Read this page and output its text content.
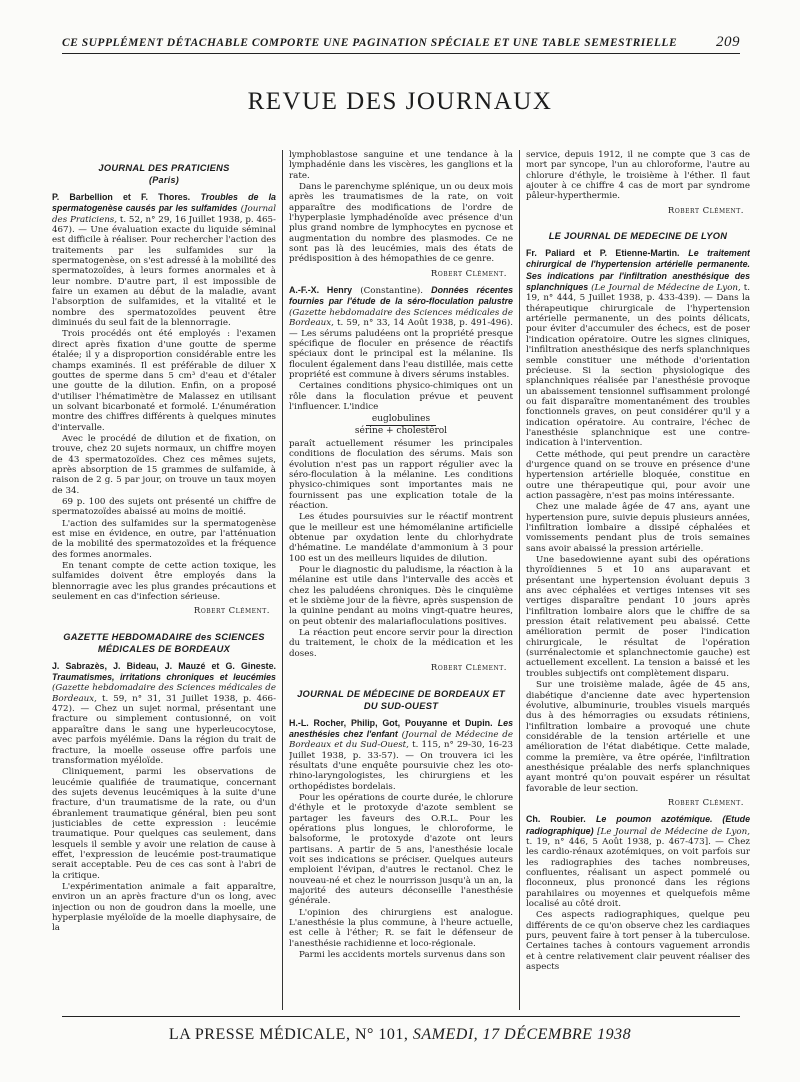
CE SUPPLÉMENT DÉTACHABLE COMPORTE UNE PAGINATION SPÉCIALE ET UNE TABLE SEMESTRIELLE	209
REVUE DES JOURNAUX
JOURNAL DES PRATICIENS
(Paris)

P. Barbellion et F. Thores. Troubles de la spermatogenèse causés par les sulfamides (Journal des Praticiens, t. 52, n° 29, 16 Juillet 1938, p. 465-467). — Une évaluation exacte du liquide séminal est difficile à réaliser. Pour rechercher l'action des traitements par les sulfamides sur la spermatogenèse, on s'est adressé à la mobilité des spermatozoïdes, à leurs formes anormales et à leur nombre. D'autre part, il est impossible de faire un examen au début de la maladie, avant l'absorption de sulfamides, et la vitalité et le nombre des spermatozoïdes peuvent être diminués du seul fait de la blennorragie.

Trois procédés ont été employés : l'examen direct après fixation d'une goutte de sperme étalée; il y a disproportion considérable entre les champs examinés. Il est préférable de diluer X gouttes de sperme dans 5 cm³ d'eau et d'étaler une goutte de la dilution. Enfin, on a proposé d'utiliser l'hématimètre de Malassez en utilisant un solvant bicarbonaté et formolé. L'énumération montre des chiffres différents à quelques minutes d'intervalle.

Avec le procédé de dilution et de fixation, on trouve, chez 20 sujets normaux, un chiffre moyen de 43 spermatozoïdes. Chez ces mêmes sujets, après absorption de 15 grammes de sulfamide, à raison de 2 g. 5 par jour, on trouve un taux moyen de 34.

69 p. 100 des sujets ont présenté un chiffre de spermatozoïdes abaissé au moins de moitié.

L'action des sulfamides sur la spermatogenèse est mise en évidence, en outre, par l'atténuation de la mobilité des spermatozoïdes et la fréquence des formes anormales.

En tenant compte de cette action toxique, les sulfamides doivent être employés dans la blennorragie avec les plus grandes précautions et seulement en cas d'infection sérieuse.

Robert Clément.
GAZETTE HEBDOMADAIRE des SCIENCES MÉDICALES DE BORDEAUX

J. Sabrazès, J. Bideau, J. Mauzé et G. Gineste. Traumatismes, irritations chroniques et leucémies (Gazette hebdomadaire des Sciences médicales de Bordeaux, t. 59, n° 31, 31 Juillet 1938, p. 466-472). — Chez un sujet normal, présentant une fracture ou simplement contusionné, on voit apparaître dans le sang une hyperleucocytose, avec parfois myélémie. Dans la région du trait de fracture, la moelle osseuse offre parfois une transformation myéloïde.

Cliniquement, parmi les observations de leucémie qualifiée de traumatique, concernant des sujets devenus leucémiques à la suite d'une fracture, d'un traumatisme de la rate, ou d'un ébranlement traumatique général, bien peu sont justiciables de cette expression : leucémie traumatique. Pour quelques cas seulement, dans lesquels il semble y avoir une relation de cause à effet, l'expression de leucémie post-traumatique serait acceptable. Peu de ces cas sont à l'abri de la critique.

L'expérimentation animale a fait apparaître, environ un an après fracture d'un os long, avec injection ou non de goudron dans la moelle, une hyperplasie myéloïde de la moelle diaphysaire, de la

lymphoblastose sanguine et une tendance à la lymphadénie dans les viscères, les ganglions et la rate.

Dans le parenchyme splénique, un ou deux mois après les traumatismes de la rate, on voit apparaître des modifications de l'ordre de l'hyperplasie lymphadénoïde avec présence d'un plus grand nombre de lymphocytes en pycnose et augmentation du nombre des plasmodes. Ce ne sont pas là des leucémies, mais des états de prédisposition à des hémopathies de ce genre.

Robert Clément.

A.-F.-X. Henry (Constantine). Données récentes fournies par l'étude de la séro-floculation palustre (Gazette hebdomadaire des Sciences médicales de Bordeaux, t. 59, n° 33, 14 Août 1938, p. 491-496). — Les sérums paludéens ont la propriété presque spécifique de floculer en présence de réactifs spéciaux dont le principal est la mélanine. Ils floculent également dans l'eau distillée, mais cette propriété est commune à divers sérums instables.

Certaines conditions physico-chimiques ont un rôle dans la floculation prévue et peuvent l'influencer. L'indice

euglobulines
sérine + cholestérol

paraît actuellement résumer les principales conditions de floculation des sérums. Mais son évolution n'est pas un rapport régulier avec la séro-floculation à la mélanine. Les conditions physico-chimiques sont importantes mais ne fournissent pas une explication totale de la réaction.

Les études poursuivies sur le réactif montrent que le meilleur est une hémomélanine artificielle obtenue par oxydation lente du chlorhydrate d'hématine. Le mandélate d'ammonium à 3 pour 100 est un des meilleurs liquides de dilution.

Pour le diagnostic du paludisme, la réaction à la mélanine est utile dans l'intervalle des accès et chez les paludéens chroniques. Dès le cinquième et le sixième jour de la fièvre, après suspension de la quinine pendant au moins vingt-quatre heures, on peut obtenir des malariafloculations positives.

La réaction peut encore servir pour la direction du traitement, le choix de la médication et les doses.

Robert Clément.
JOURNAL DE MÉDECINE DE BORDEAUX ET DU SUD-OUEST

H.-L. Rocher, Philip, Got, Pouyanne et Dupin. Les anesthésies chez l'enfant (Journal de Médecine de Bordeaux et du Sud-Ouest, t. 115, n° 29-30, 16-23 Juillet 1938, p. 33-57). — On trouvera ici les résultats d'une enquête poursuivie chez les oto-rhino-laryngologistes, les chirurgiens et les orthopédistes bordelais.

Pour les opérations de courte durée, le chlorure d'éthyle et le protoxyde d'azote semblent se partager les faveurs des O.R.L. Pour les opérations plus longues, le chloroforme, le balsoforme, le protoxyde d'azote ont leurs partisans. A partir de 5 ans, l'anesthésie locale voit ses indications se préciser. Quelques auteurs emploient l'évipan, d'autres le rectanol. Chez le nouveau-né et chez le nourrisson jusqu'à un an, la majorité des auteurs déconseille l'anesthésie générale.

L'opinion des chirurgiens est analogue. L'anesthésie la plus commune, à l'heure actuelle, est celle à l'éther; R. se fait le défenseur de l'anesthésie rachidienne et loco-régionale.

Parmi les accidents mortels survenus dans son

service, depuis 1912, il ne compte que 3 cas de mort par syncope, l'un au chloroforme, l'autre au chlorure d'éthyle, le troisième à l'éther. Il faut ajouter à ce chiffre 4 cas de mort par syndrome pâleur-hyperthermie.

Robert Clément.
LE JOURNAL DE MEDECINE DE LYON

Fr. Paliard et P. Etienne-Martin. Le traitement chirurgical de l'hypertension artérielle permanente. Ses indications par l'infiltration anesthésique des splanchniques (Le Journal de Médecine de Lyon, t. 19, n° 444, 5 Juillet 1938, p. 433-439). — Dans la thérapeutique chirurgicale de l'hypertension artérielle permanente, un des points délicats, pour éviter d'accumuler des échecs, est de poser l'indication opératoire. Outre les signes cliniques, l'infiltration anesthésique des nerfs splanchniques semble constituer une méthode d'orientation précieuse. Si la section physiologique des splanchniques réalisée par l'anesthésie provoque un abaissement tensionnel suffisamment prolongé ou fait disparaître momentanément des troubles fonctionnels graves, on peut considérer qu'il y a indication opératoire. Au contraire, l'échec de l'anesthésie splanchnique est une contre-indication à l'intervention.

Cette méthode, qui peut prendre un caractère d'urgence quand on se trouve en présence d'une hypertension artérielle bloquée, constitue en outre une thérapeutique qui, pour avoir une action passagère, n'est pas moins intéressante.

Chez une malade âgée de 47 ans, ayant une hypertension pure, suivie depuis plusieurs années, l'infiltration lombaire a dissipé céphalées et vomissements pendant plus de trois semaines sans avoir abaissé la pression artérielle.

Une basedowienne ayant subi des opérations thyroïdiennes 5 et 10 ans auparavant et présentant une hypertension évoluant depuis 3 ans avec céphalées et vertiges intenses vit ses vertiges disparaître pendant 10 jours après l'infiltration lombaire alors que le chiffre de sa pression était relativement peu abaissé. Cette amélioration permit de poser l'indication chirurgicale, le résultat de l'opération (surrénalectomie et splanchnectomie gauche) est actuellement excellent. La tension a baissé et les troubles subjectifs ont complètement disparu.

Sur une troisième malade, âgée de 45 ans, diabétique d'ancienne date avec hypertension évolutive, albuminurie, troubles visuels marqués dus à des hémorragies ou exsudats rétiniens, l'infiltration lombaire a provoqué une chute considérable de la tension artérielle et une amélioration de l'état diabétique. Cette malade, comme la première, va être opérée, l'infiltration anesthésique préalable des nerfs splanchniques ayant montré qu'on pouvait espérer un résultat favorable de leur section.

Robert Clément.

Ch. Roubier. Le poumon azotémique. (Etude radiographique) [Le Journal de Médecine de Lyon, t. 19, n° 446, 5 Août 1938, p. 467-473]. — Chez les cardio-rénaux azotémiques, on voit parfois sur les radiographies des taches nombreuses, confluentes, réalisant un aspect pommelé ou floconneux, plus prononcé dans les régions parahilaires ou moyennes et quelquefois même localisé au côté droit.

Ces aspects radiographiques, quelque peu différents de ce qu'on observe chez les cardiaques purs, peuvent faire à tort penser à la tuberculose. Certaines taches à contours vaguement arrondis et à centre relativement clair peuvent réaliser des aspects

LA PRESSE MÉDICALE, N° 101, SAMEDI, 17 DÉCEMBRE 1938
